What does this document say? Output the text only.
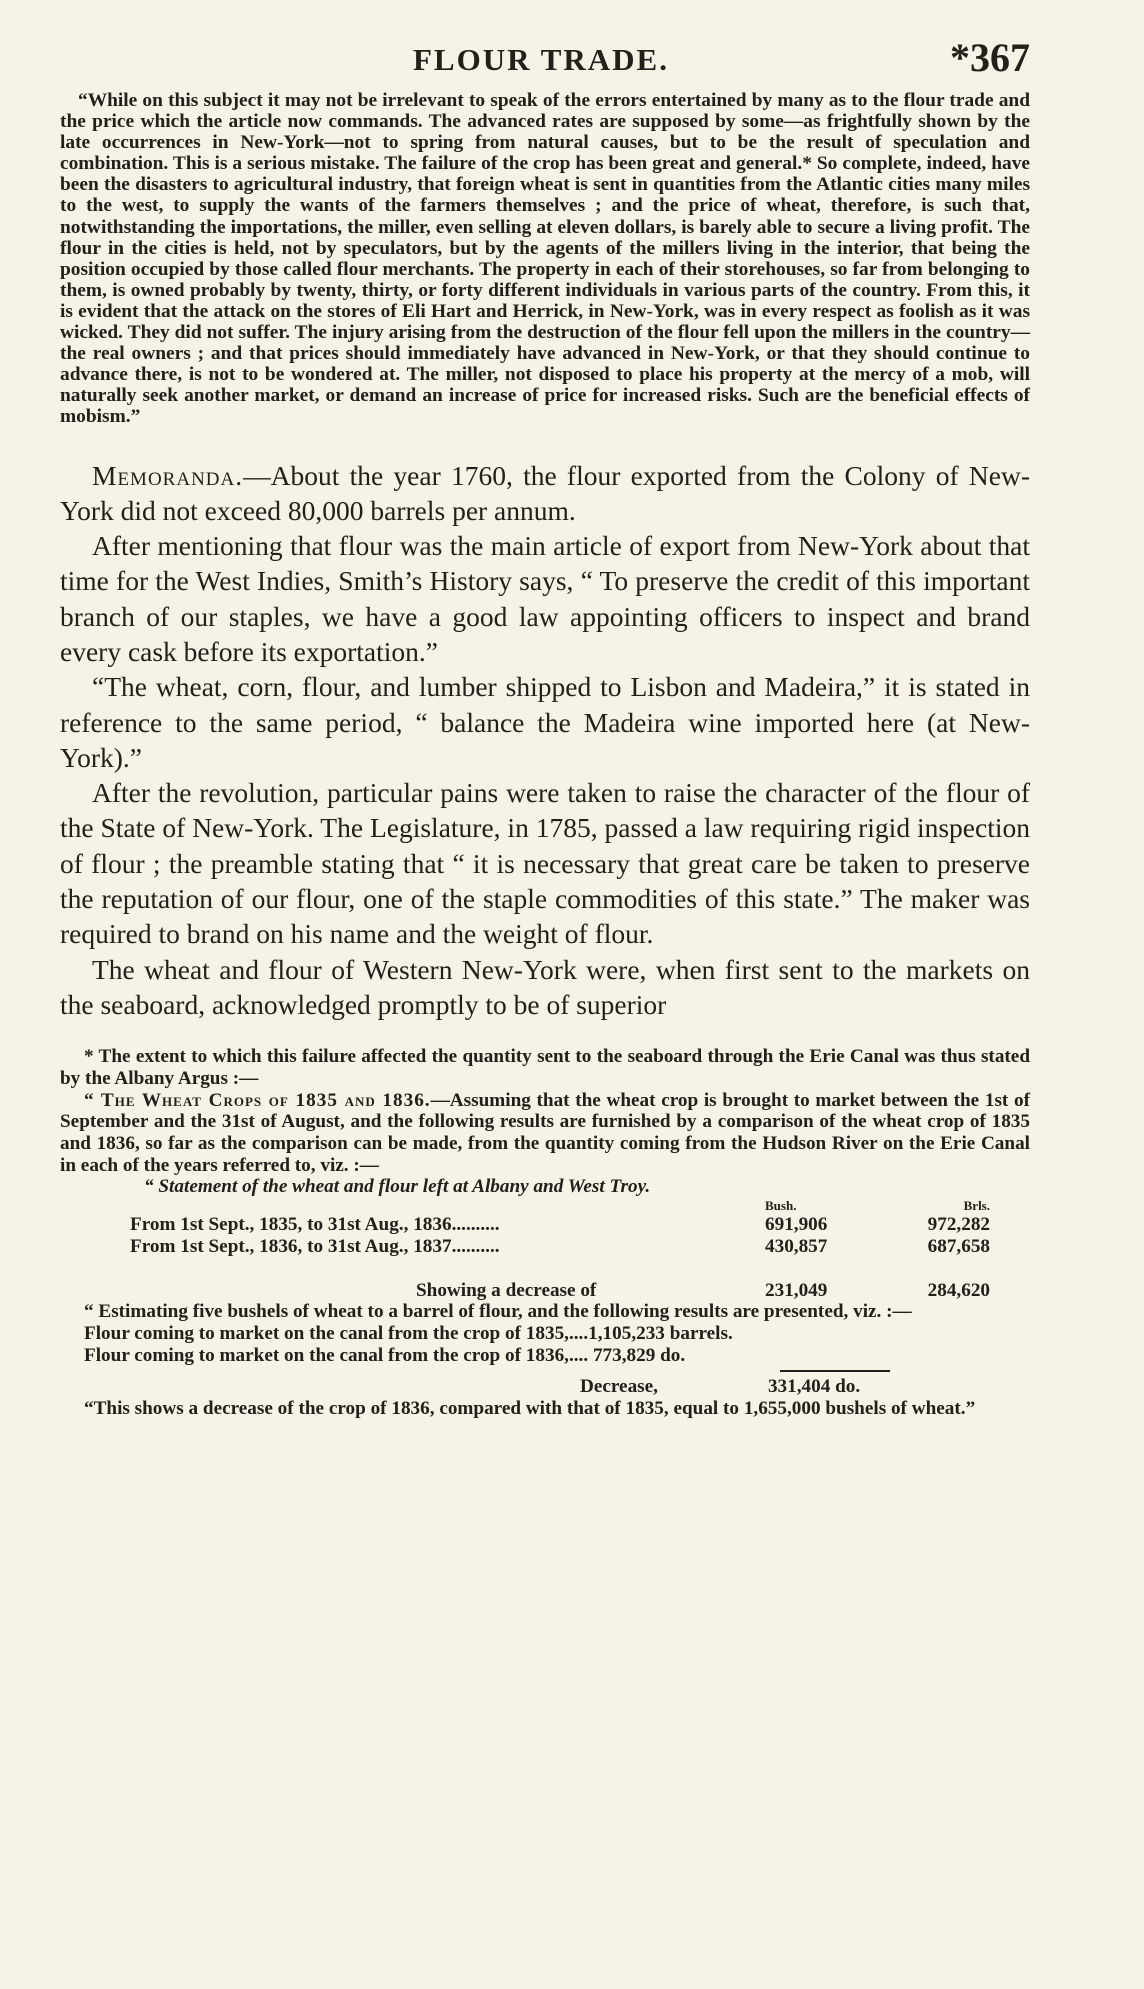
FLOUR TRADE.	*367

“While on this subject it may not be irrelevant to speak of the errors entertained by many as to the flour trade and the price which the article now commands. The advanced rates are supposed by some—as frightfully shown by the late occurrences in New-York—not to spring from natural causes, but to be the result of speculation and combination. This is a serious mistake. The failure of the crop has been great and general.* So complete, indeed, have been the disasters to agricultural industry, that foreign wheat is sent in quantities from the Atlantic cities many miles to the west, to supply the wants of the farmers themselves ; and the price of wheat, therefore, is such that, notwithstanding the importations, the miller, even selling at eleven dollars, is barely able to secure a living profit. The flour in the cities is held, not by speculators, but by the agents of the millers living in the interior, that being the position occupied by those called flour merchants. The property in each of their storehouses, so far from belonging to them, is owned probably by twenty, thirty, or forty different individuals in various parts of the country. From this, it is evident that the attack on the stores of Eli Hart and Herrick, in New-York, was in every respect as foolish as it was wicked. They did not suffer. The injury arising from the destruction of the flour fell upon the millers in the country—the real owners ; and that prices should immediately have advanced in New-York, or that they should continue to advance there, is not to be wondered at. The miller, not disposed to place his property at the mercy of a mob, will naturally seek another market, or demand an increase of price for increased risks. Such are the beneficial effects of mobism.”

Memoranda.—About the year 1760, the flour exported from the Colony of New-York did not exceed 80,000 barrels per annum.

After mentioning that flour was the main article of export from New-York about that time for the West Indies, Smith’s History says, “ To preserve the credit of this important branch of our staples, we have a good law appointing officers to inspect and brand every cask before its exportation.”

“The wheat, corn, flour, and lumber shipped to Lisbon and Madeira,” it is stated in reference to the same period, “ balance the Madeira wine imported here (at New-York).”

After the revolution, particular pains were taken to raise the character of the flour of the State of New-York. The Legislature, in 1785, passed a law requiring rigid inspection of flour ; the preamble stating that “ it is necessary that great care be taken to preserve the reputation of our flour, one of the staple commodities of this state.” The maker was required to brand on his name and the weight of flour.

The wheat and flour of Western New-York were, when first sent to the markets on the seaboard, acknowledged promptly to be of superior

* The extent to which this failure affected the quantity sent to the seaboard through the Erie Canal was thus stated by the Albany Argus :—

“ The Wheat Crops of 1835 and 1836.—Assuming that the wheat crop is brought to market between the 1st of September and the 31st of August, and the following results are furnished by a comparison of the wheat crop of 1835 and 1836, so far as the comparison can be made, from the quantity coming from the Hudson River on the Erie Canal in each of the years referred to, viz. :—

“ Statement of the wheat and flour left at Albany and West Troy.

Bush.	Brls.
From 1st Sept., 1835, to 31st Aug., 1836..........	691,906	972,282
From 1st Sept., 1836, to 31st Aug., 1837..........	430,857	687,658
Showing a decrease of	231,049	284,620

“ Estimating five bushels of wheat to a barrel of flour, and the following results are presented, viz. :—

Flour coming to market on the canal from the crop of 1835,....1,105,233 barrels.
Flour coming to market on the canal from the crop of 1836,.... 773,829 do.
Decrease,	331,404 do.

“This shows a decrease of the crop of 1836, compared with that of 1835, equal to 1,655,000 bushels of wheat.”
